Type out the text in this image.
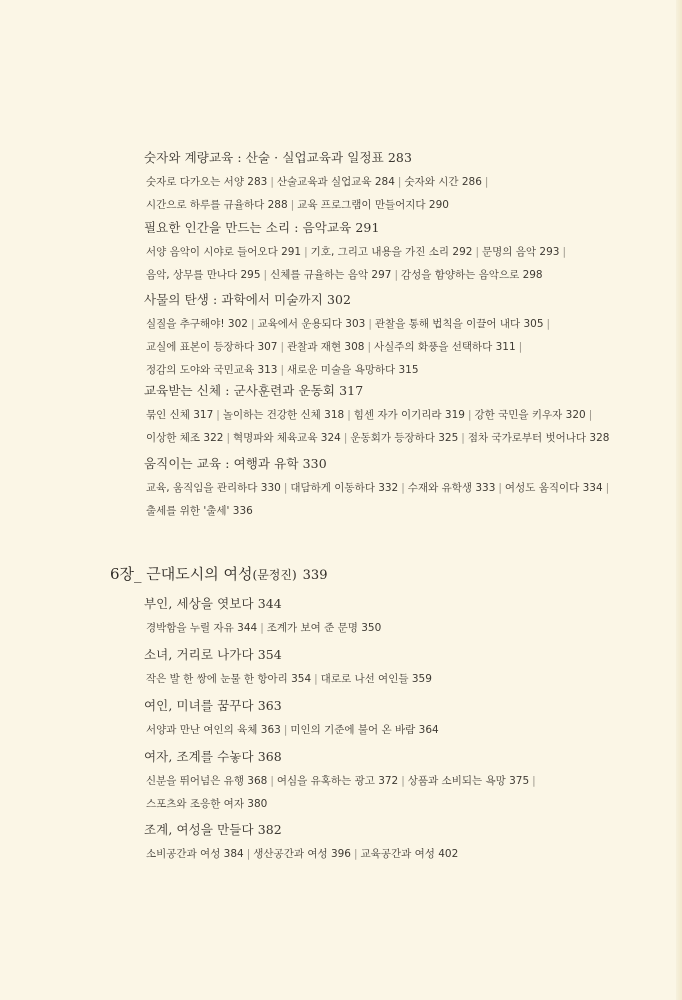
숫자와 계량교육 : 산술 · 실업교육과 일정표 283
숫자로 다가오는 서양 283 | 산술교육과 실업교육 284 | 숫자와 시간 286 |
시간으로 하루를 규율하다 288 | 교육 프로그램이 만들어지다 290
필요한 인간을 만드는 소리 : 음악교육 291
서양 음악이 시야로 들어오다 291 | 기호, 그리고 내용을 가진 소리 292 | 문명의 음악 293 |
음악, 상무를 만나다 295 | 신체를 규율하는 음악 297 | 감성을 함양하는 음악으로 298
사물의 탄생 : 과학에서 미술까지 302
실질을 추구해야! 302 | 교육에서 운용되다 303 | 관찰을 통해 법칙을 이끌어 내다 305 |
교실에 표본이 등장하다 307 | 관찰과 재현 308 | 사실주의 화풍을 선택하다 311 |
정감의 도야와 국민교육 313 | 새로운 미술을 욕망하다 315
교육받는 신체 : 군사훈련과 운동회 317
묶인 신체 317 | 놀이하는 건강한 신체 318 | 힘센 자가 이기리라 319 | 강한 국민을 키우자 320 |
이상한 체조 322 | 혁명파와 체육교육 324 | 운동회가 등장하다 325 | 점차 국가로부터 벗어나다 328
움직이는 교육 : 여행과 유학 330
교육, 움직임을 관리하다 330 | 대담하게 이동하다 332 | 수재와 유학생 333 | 여성도 움직이다 334 |
출세를 위한 '출세' 336
6장_ 근대도시의 여성(문정진) 339
부인, 세상을 엿보다 344
경박함을 누릴 자유 344 | 조계가 보여 준 문명 350
소녀, 거리로 나가다 354
작은 발 한 쌍에 눈물 한 항아리 354 | 대로로 나선 여인들 359
여인, 미녀를 꿈꾸다 363
서양과 만난 여인의 육체 363 | 미인의 기준에 불어 온 바람 364
여자, 조계를 수놓다 368
신분을 뛰어넘은 유행 368 | 여심을 유혹하는 광고 372 | 상품과 소비되는 욕망 375 |
스포츠와 조응한 여자 380
조계, 여성을 만들다 382
소비공간과 여성 384 | 생산공간과 여성 396 | 교육공간과 여성 402
